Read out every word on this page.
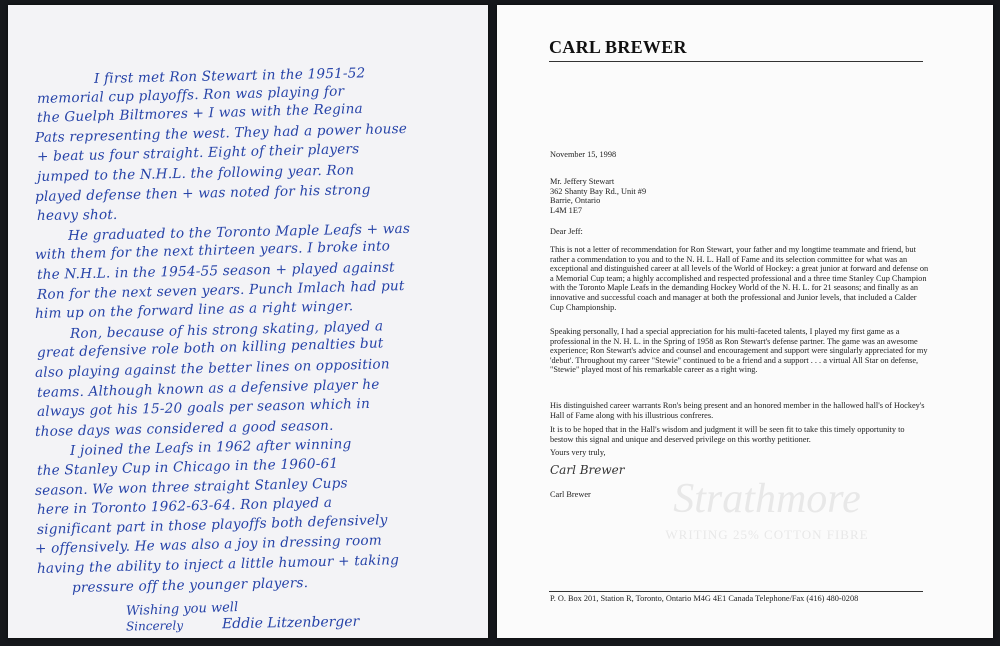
I first met Ron Stewart in the 1951-52
memorial cup playoffs. Ron was playing for
the Guelph Biltmores + I was with the Regina
Pats representing the west. They had a power house
+ beat us four straight. Eight of their players
jumped to the N.H.L. the following year. Ron
played defense then + was noted for his strong
heavy shot.
He graduated to the Toronto Maple Leafs + was
with them for the next thirteen years. I broke into
the N.H.L. in the 1954-55 season + played against
Ron for the next seven years. Punch Imlach had put
him up on the forward line as a right winger.
Ron, because of his strong skating, played a
great defensive role both on killing penalties but
also playing against the better lines on opposition
teams. Although known as a defensive player he
always got his 15-20 goals per season which in
those days was considered a good season.
I joined the Leafs in 1962 after winning
the Stanley Cup in Chicago in the 1960-61
season. We won three straight Stanley Cups
here in Toronto 1962-63-64. Ron played a
significant part in those playoffs both defensively
+ offensively. He was also a joy in dressing room
having the ability to inject a little humour + taking
pressure off the younger players.
Wishing you well
Sincerely	Eddie Litzenberger
CARL BREWER
Strathmore
WRITING 25% COTTON FIBRE
November 15, 1998

Mr. Jeffery Stewart

362 Shanty Bay Rd., Unit #9

Barrie, Ontario

L4M 1E7

Dear Jeff:
This is not a letter of recommendation for Ron Stewart, your father and my longtime teammate and friend, but rather a commendation to you and to the N. H. L. Hall of Fame and its selection committee for what was an exceptional and distinguished career at all levels of the World of Hockey: a great junior at forward and defense on a Memorial Cup team; a highly accomplished and respected professional and a three time Stanley Cup Champion with the Toronto Maple Leafs in the demanding Hockey World of the N. H. L. for 21 seasons; and finally as an innovative and successful coach and manager at both the professional and Junior levels, that included a Calder Cup Championship.
Speaking personally, I had a special appreciation for his multi-faceted talents, I played my first game as a professional in the N. H. L. in the Spring of 1958 as Ron Stewart's defense partner. The game was an awesome experience; Ron Stewart's advice and counsel and encouragement and support were singularly appreciated for my 'debut'. Throughout my career "Stewie" continued to be a friend and a support . . . a virtual All Star on defense, "Stewie" played most of his remarkable career as a right wing.
His distinguished career warrants Ron's being present and an honored member in the hallowed hall's of Hockey's Hall of Fame along with his illustrious confreres.
It is to be hoped that in the Hall's wisdom and judgment it will be seen fit to take this timely opportunity to bestow this signal and unique and deserved privilege on this worthy petitioner.
Yours very truly,
Carl Brewer
Carl Brewer
P. O. Box 201, Station R, Toronto, Ontario M4G 4E1 Canada Telephone/Fax (416) 480-0208
